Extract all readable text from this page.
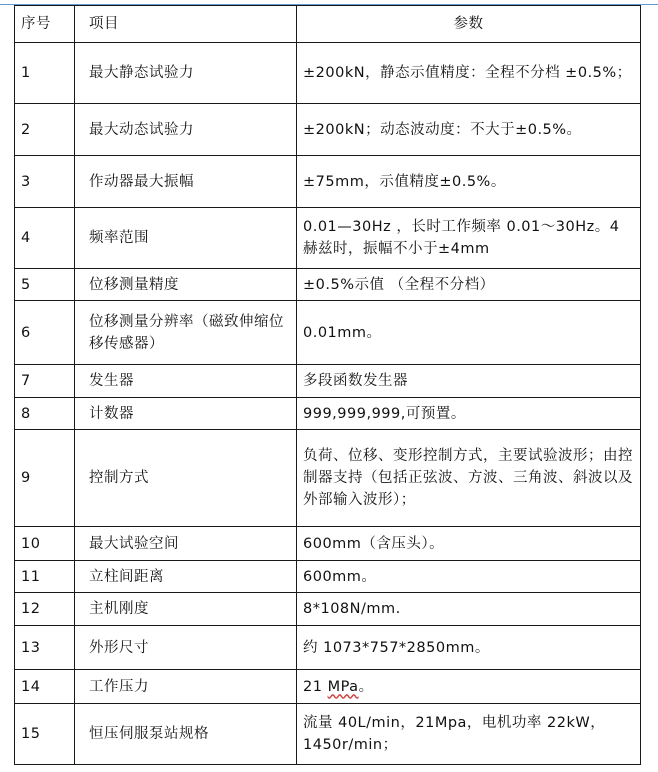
序号	项目	参数
1	最大静态试验力	±200kN，静态示值精度：全程不分档 ±0.5%；
2	最大动态试验力	±200kN；动态波动度：不大于±0.5%。
3	作动器最大振幅	±75mm，示值精度±0.5%。
4	频率范围	0.01—30Hz ，长时工作频率 0.01～30Hz。4 赫兹时，振幅不小于±4mm
5	位移测量精度	±0.5%示值 （全程不分档）
6	位移测量分辨率（磁致伸缩位移传感器）	0.01mm。
7	发生器	多段函数发生器
8	计数器	999,999,999,可预置。
9	控制方式	负荷、位移、变形控制方式，主要试验波形；由控制器支持（包括正弦波、方波、三角波、斜波以及外部输入波形）；
10	最大试验空间	600mm（含压头）。
11	立柱间距离	600mm。
12	主机刚度	8*108N/mm.
13	外形尺寸	约 1073*757*2850mm。
14	工作压力	21 MPa。
15	恒压伺服泵站规格	流量 40L/min，21Mpa，电机功率 22kW，1450r/min；
